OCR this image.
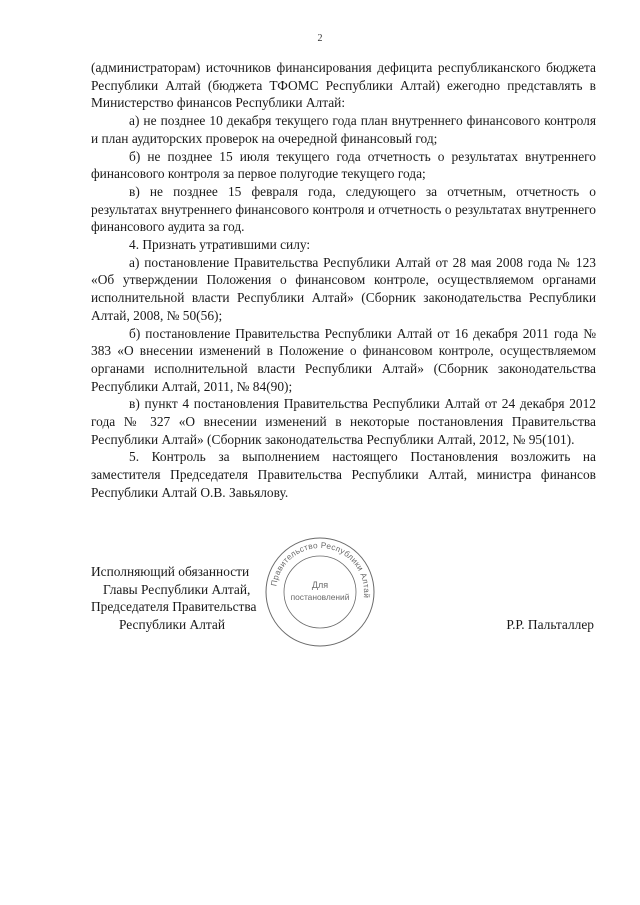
2

(администраторам) источников финансирования дефицита республиканского бюджета Республики Алтай (бюджета ТФОМС Республики Алтай) ежегодно представлять в Министерство финансов Республики Алтай:

а) не позднее 10 декабря текущего года план внутреннего финансового контроля и план аудиторских проверок на очередной финансовый год;

б) не позднее 15 июля текущего года отчетность о результатах внутреннего финансового контроля за первое полугодие текущего года;

в) не позднее 15 февраля года, следующего за отчетным, отчетность о результатах внутреннего финансового контроля и отчетность о результатах внутреннего финансового аудита за год.

4. Признать утратившими силу:

а) постановление Правительства Республики Алтай от 28 мая 2008 года № 123 «Об утверждении Положения о финансовом контроле, осуществляемом органами исполнительной власти Республики Алтай» (Сборник законодательства Республики Алтай, 2008, № 50(56);

б) постановление Правительства Республики Алтай от 16 декабря 2011 года № 383 «О внесении изменений в Положение о финансовом контроле, осуществляемом органами исполнительной власти Республики Алтай» (Сборник законодательства Республики Алтай, 2011, № 84(90);

в) пункт 4 постановления Правительства Республики Алтай от 24 декабря 2012 года № 327 «О внесении изменений в некоторые постановления Правительства Республики Алтай» (Сборник законодательства Республики Алтай, 2012, № 95(101).

5. Контроль за выполнением настоящего Постановления возложить на заместителя Председателя Правительства Республики Алтай, министра финансов Республики Алтай О.В. Завьялову.

Исполняющий обязанности
Главы Республики Алтай,
Председателя Правительства
Республики Алтай	Р.Р. Пальталлер
Правительство Республики Алтай
Для
постановлений
